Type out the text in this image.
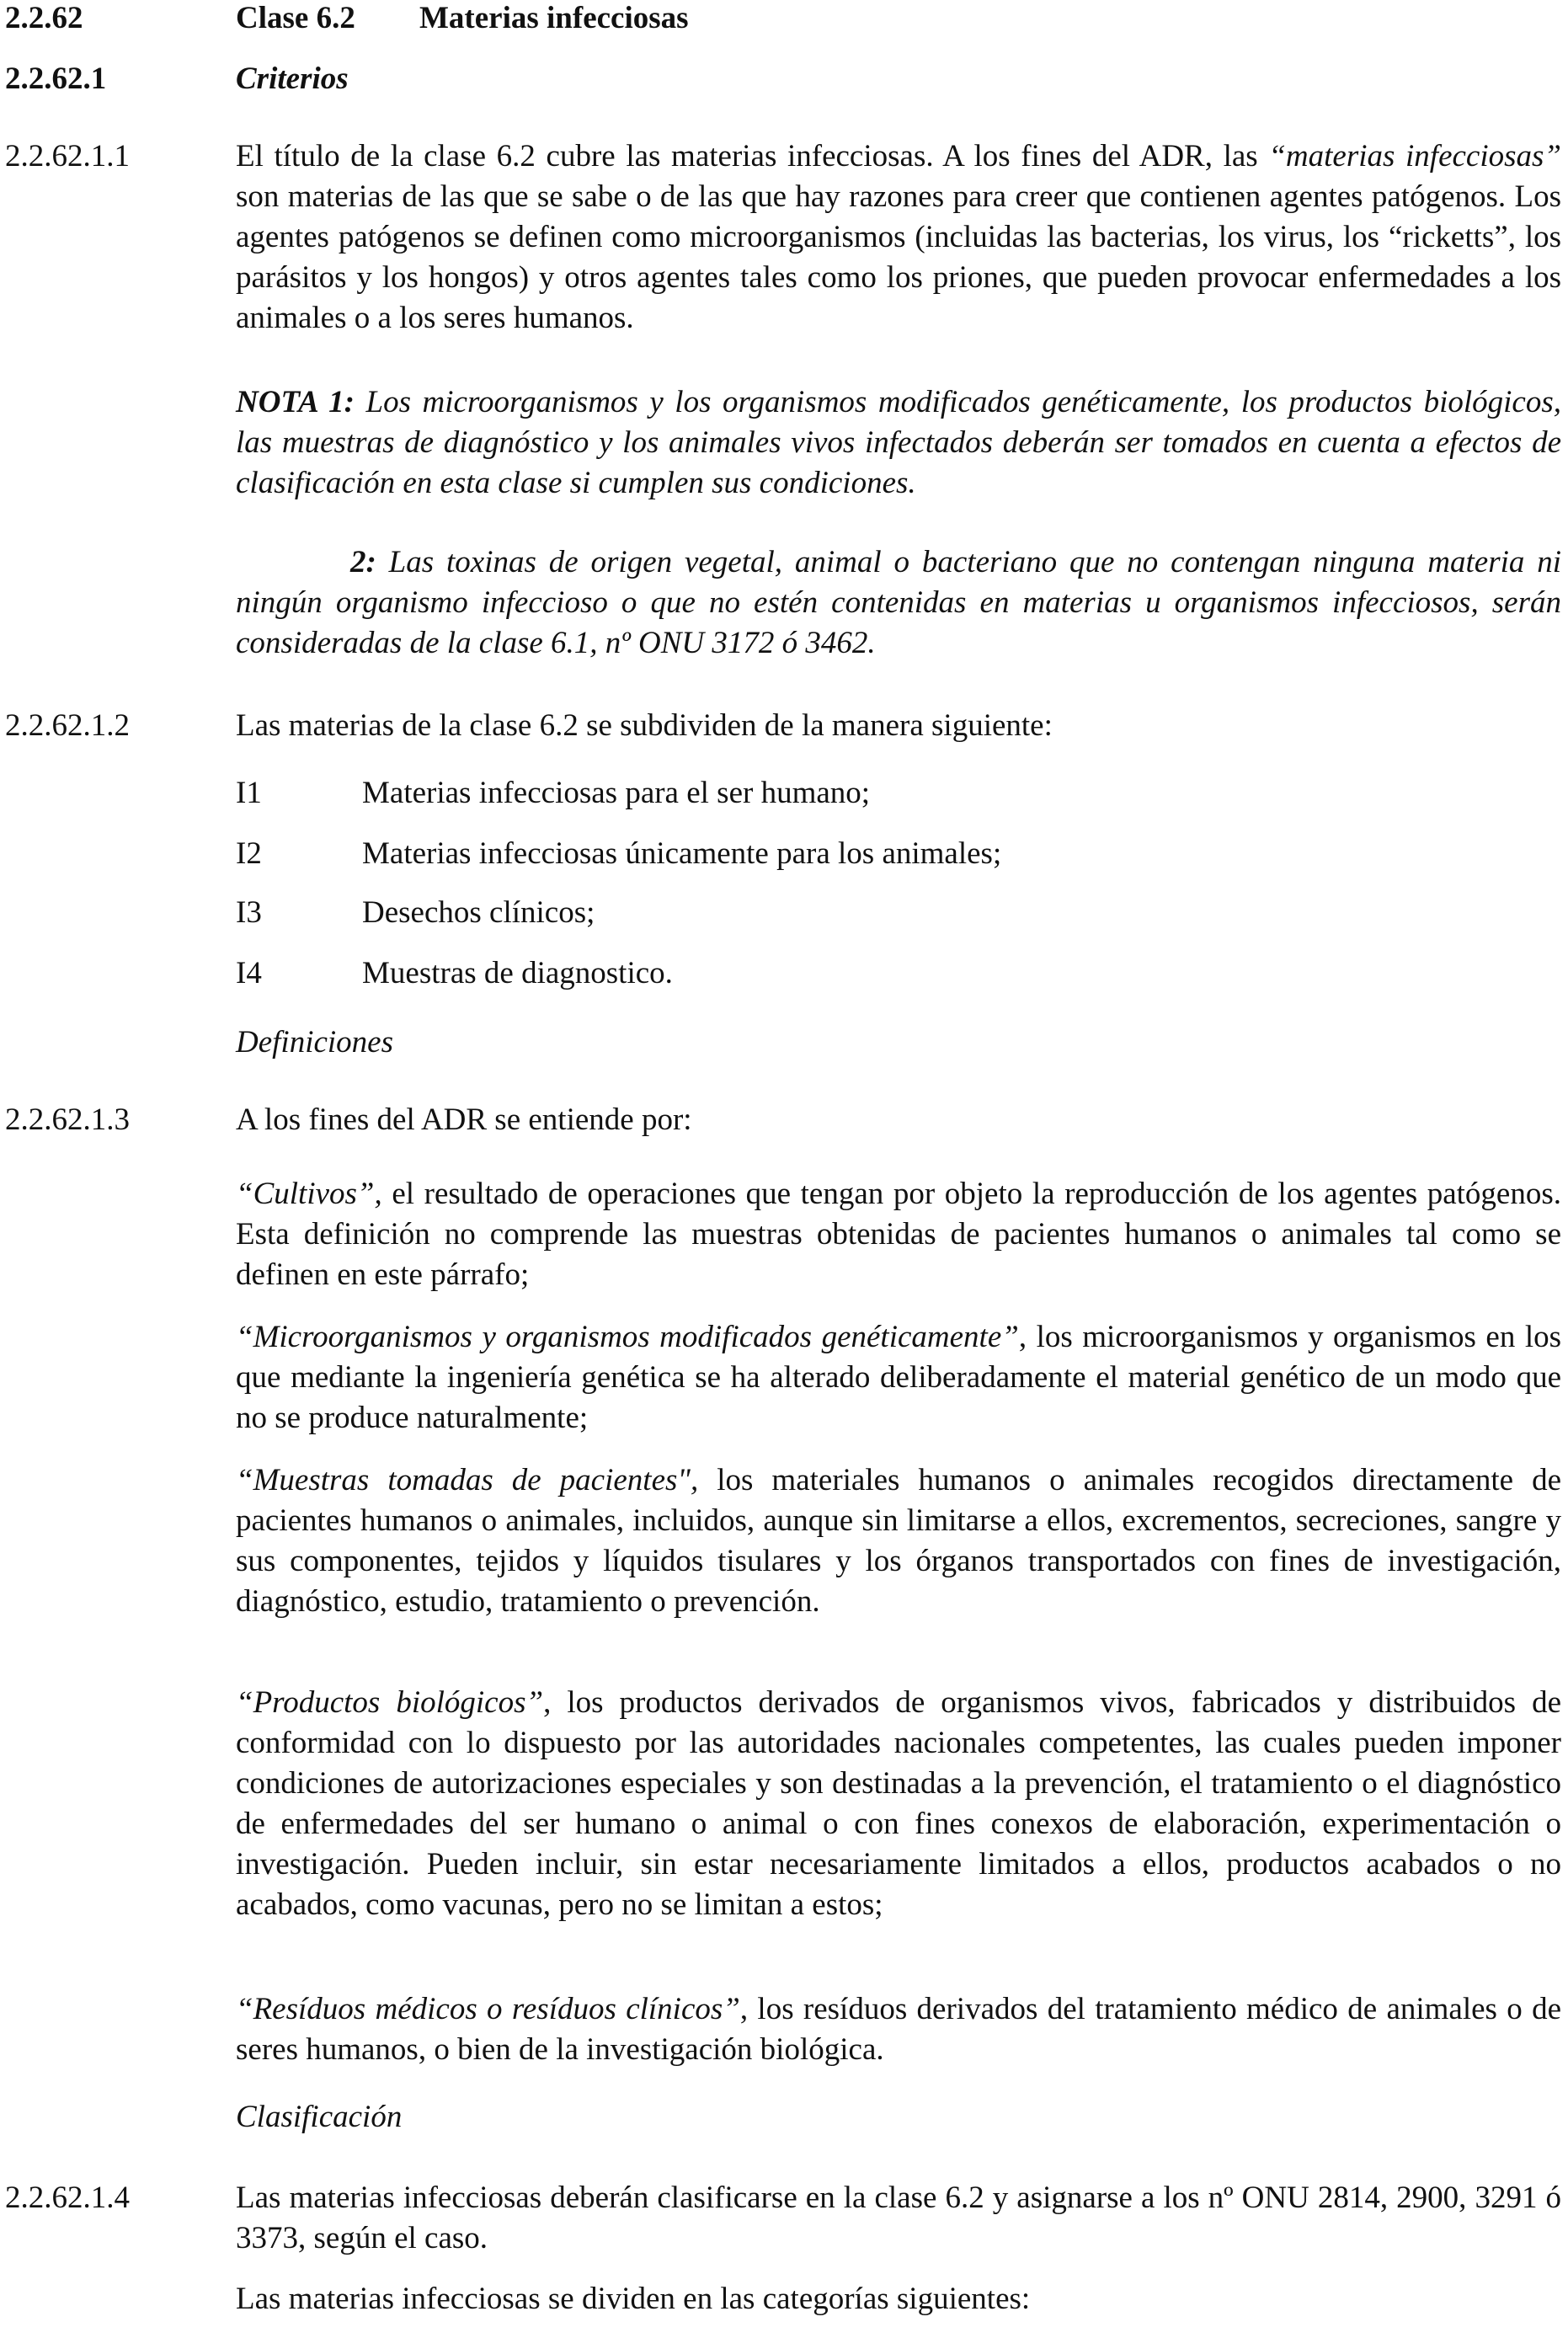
2.2.62	Clase 6.2	Materias infecciosas
2.2.62.1	Criterios
2.2.62.1.1	El título de la clase 6.2 cubre las materias infecciosas. A los fines del ADR, las “materias infecciosas” son materias de las que se sabe o de las que hay razones para creer que contienen agentes patógenos. Los agentes patógenos se definen como microorganismos (incluidas las bacterias, los virus, los “ricketts”, los parásitos y los hongos) y otros agentes tales como los priones, que pueden provocar enfermedades a los animales o a los seres humanos.

NOTA 1: Los microorganismos y los organismos modificados genéticamente, los productos biológicos, las muestras de diagnóstico y los animales vivos infectados deberán ser tomados en cuenta a efectos de clasificación en esta clase si cumplen sus condiciones.

2: Las toxinas de origen vegetal, animal o bacteriano que no contengan ninguna materia ni ningún organismo infeccioso o que no estén contenidas en materias u organismos infecciosos, serán consideradas de la clase 6.1, nº ONU 3172 ó 3462.

2.2.62.1.2	Las materias de la clase 6.2 se subdividen de la manera siguiente:

I1	Materias infecciosas para el ser humano;
I2	Materias infecciosas únicamente para los animales;
I3	Desechos clínicos;
I4	Muestras de diagnostico.
Definiciones
2.2.62.1.3	A los fines del ADR se entiende por:

“Cultivos”, el resultado de operaciones que tengan por objeto la reproducción de los agentes patógenos. Esta definición no comprende las muestras obtenidas de pacientes humanos o animales tal como se definen en este párrafo;

“Microorganismos y organismos modificados genéticamente”, los microorganismos y organismos en los que mediante la ingeniería genética se ha alterado deliberadamente el material genético de un modo que no se produce naturalmente;

“Muestras tomadas de pacientes", los materiales humanos o animales recogidos directamente de pacientes humanos o animales, incluidos, aunque sin limitarse a ellos, excrementos, secreciones, sangre y sus componentes, tejidos y líquidos tisulares y los órganos transportados con fines de investigación, diagnóstico, estudio, tratamiento o prevención.

“Productos biológicos”, los productos derivados de organismos vivos, fabricados y distribuidos de conformidad con lo dispuesto por las autoridades nacionales competentes, las cuales pueden imponer condiciones de autorizaciones especiales y son destinadas a la prevención, el tratamiento o el diagnóstico de enfermedades del ser humano o animal o con fines conexos de elaboración, experimentación o investigación. Pueden incluir, sin estar necesariamente limitados a ellos, productos acabados o no acabados, como vacunas, pero no se limitan a estos;

“Resíduos médicos o resíduos clínicos”, los resíduos derivados del tratamiento médico de animales o de seres humanos, o bien de la investigación biológica.

Clasificación
2.2.62.1.4	Las materias infecciosas deberán clasificarse en la clase 6.2 y asignarse a los nº ONU 2814, 2900, 3291 ó 3373, según el caso.

Las materias infecciosas se dividen en las categorías siguientes:
